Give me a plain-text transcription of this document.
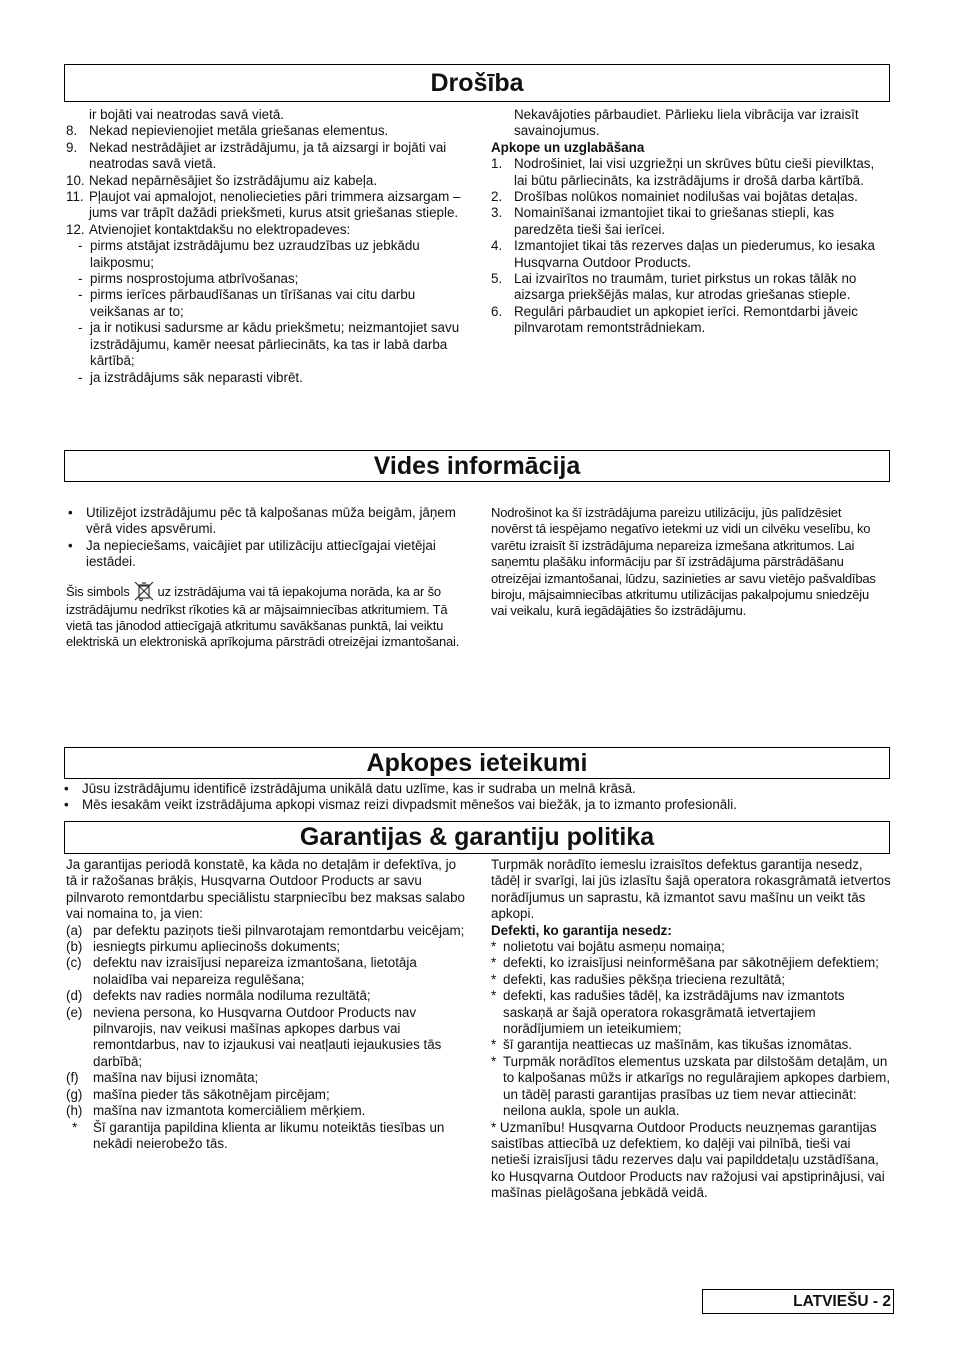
Drošība
ir bojāti vai neatrodas savā vietā.
8. Nekad nepievienojiet metāla griešanas elementus.
9. Nekad nestrādājiet ar izstrādājumu, ja tā aizsargi ir bojāti vai neatrodas savā vietā.
10. Nekad nepārnēsājiet šo izstrādājumu aiz kabeļa.
11. Pļaujot vai apmalojot, nenoliecieties pāri trimmera aizsargam – jums var trāpīt dažādi priekšmeti, kurus atsit griešanas stieple.
12. Atvienojiet kontaktdakšu no elektropadeves:
- pirms atstājat izstrādājumu bez uzraudzības uz jebkādu laikposmu;
- pirms nosprostojuma atbrīvošanas;
- pirms ierīces pārbaudīšanas un tīrīšanas vai citu darbu veikšanas ar to;
- ja ir notikusi sadursme ar kādu priekšmetu; neizmantojiet savu izstrādājumu, kamēr neesat pārliecināts, ka tas ir labā darba kārtībā;
- ja izstrādājums sāk neparasti vibrēt.
Nekavājoties pārbaudiet. Pārlieku liela vibrācija var izraisīt savainojumus.
Apkope un uzglabāšana
1. Nodrošiniet, lai visi uzgriežņi un skrūves būtu cieši pievilktas, lai būtu pārliecināts, ka izstrādājums ir drošā darba kārtībā.
2. Drošības nolūkos nomainiet nodilušas vai bojātas detaļas.
3. Nomainīšanai izmantojiet tikai to griešanas stiepli, kas paredzēta tieši šai ierīcei.
4. Izmantojiet tikai tās rezerves daļas un piederumus, ko iesaka Husqvarna Outdoor Products.
5. Lai izvairītos no traumām, turiet pirkstus un rokas tālāk no aizsarga priekšējās malas, kur atrodas griešanas stieple.
6. Regulāri pārbaudiet un apkopiet ierīci. Remontdarbi jāveic pilnvarotam remontstrādniekam.
Vides informācija
• Utilizējot izstrādājumu pēc tā kalpošanas mūža beigām, jāņem vērā vides apsvērumi.
• Ja nepieciešams, vaicājiet par utilizāciju attiecīgajai vietējai iestādei.
Šis simbols uz izstrādājuma vai tā iepakojuma norāda, ka ar šo izstrādājumu nedrīkst rīkoties kā ar mājsaimniecības atkritumiem. Tā vietā tas jānodod attiecīgajā atkritumu savākšanas punktā, lai veiktu elektriskā un elektroniskā aprīkojuma pārstrādi otreizējai izmantošanai.
Nodrošinot ka šī izstrādājuma pareizu utilizāciju, jūs palīdzēsiet novērst tā iespējamo negatīvo ietekmi uz vidi un cilvēku veselību, ko varētu izraisīt šī izstrādājuma nepareiza izmešana atkritumos. Lai saņemtu plašāku informāciju par šī izstrādājuma pārstrādāšanu otreizējai izmantošanai, lūdzu, sazinieties ar savu vietējo pašvaldības biroju, mājsaimniecības atkritumu utilizācijas pakalpojumu sniedzēju vai veikalu, kurā iegādājāties šo izstrādājumu.
Apkopes ieteikumi
• Jūsu izstrādājumu identificē izstrādājuma unikālā datu uzlīme, kas ir sudraba un melnā krāsā.
• Mēs iesakām veikt izstrādājuma apkopi vismaz reizi divpadsmit mēnešos vai biežāk, ja to izmanto profesionāli.
Garantijas & garantiju politika
Ja garantijas periodā konstatē, ka kāda no detaļām ir defektīva, jo tā ir ražošanas brāķis, Husqvarna Outdoor Products ar savu pilnvaroto remontdarbu speciālistu starpniecību bez maksas salabo vai nomaina to, ja vien:
(a) par defektu paziņots tieši pilnvarotajam remontdarbu veicējam;
(b) iesniegts pirkumu apliecinošs dokuments;
(c) defektu nav izraisījusi nepareiza izmantošana, lietotāja nolaidība vai nepareiza regulēšana;
(d) defekts nav radies normāla nodiluma rezultātā;
(e) neviena persona, ko Husqvarna Outdoor Products nav pilnvarojis, nav veikusi mašīnas apkopes darbus vai remontdarbus, nav to izjaukusi vai neatļauti iejaukusies tās darbībā;
(f) mašīna nav bijusi iznomāta;
(g) mašīna pieder tās sākotnējam pircējam;
(h) mašīna nav izmantota komerciāliem mērķiem.
* Šī garantija papildina klienta ar likumu noteiktās tiesības un nekādi neierobežo tās.
Turpmāk norādīto iemeslu izraisītos defektus garantija nesedz, tādēļ ir svarīgi, lai jūs izlasītu šajā operatora rokasgrāmatā ietvertos norādījumus un saprastu, kā izmantot savu mašīnu un veikt tās apkopi.
Defekti, ko garantija nesedz:
* nolietotu vai bojātu asmeņu nomaiņa;
* defekti, ko izraisījusi neinformēšana par sākotnējiem defektiem;
* defekti, kas radušies pēkšņa trieciena rezultātā;
* defekti, kas radušies tādēļ, ka izstrādājums nav izmantots saskaņā ar šajā operatora rokasgrāmatā ietvertajiem norādījumiem un ieteikumiem;
* šī garantija neattiecas uz mašīnām, kas tikušas iznomātas.
* Turpmāk norādītos elementus uzskata par dilstošām detaļām, un to kalpošanas mūžs ir atkarīgs no regulārajiem apkopes darbiem, un tādēļ parasti garantijas prasības uz tiem nevar attiecināt: neilona aukla, spole un aukla.
* Uzmanību! Husqvarna Outdoor Products neuzņemas garantijas saistības attiecībā uz defektiem, ko daļēji vai pilnībā, tieši vai netieši izraisījusi tādu rezerves daļu vai papilddetaļu uzstādīšana, ko Husqvarna Outdoor Products nav ražojusi vai apstiprinājusi, vai mašīnas pielāgošana jebkādā veidā.
LATVIEŠU - 2
